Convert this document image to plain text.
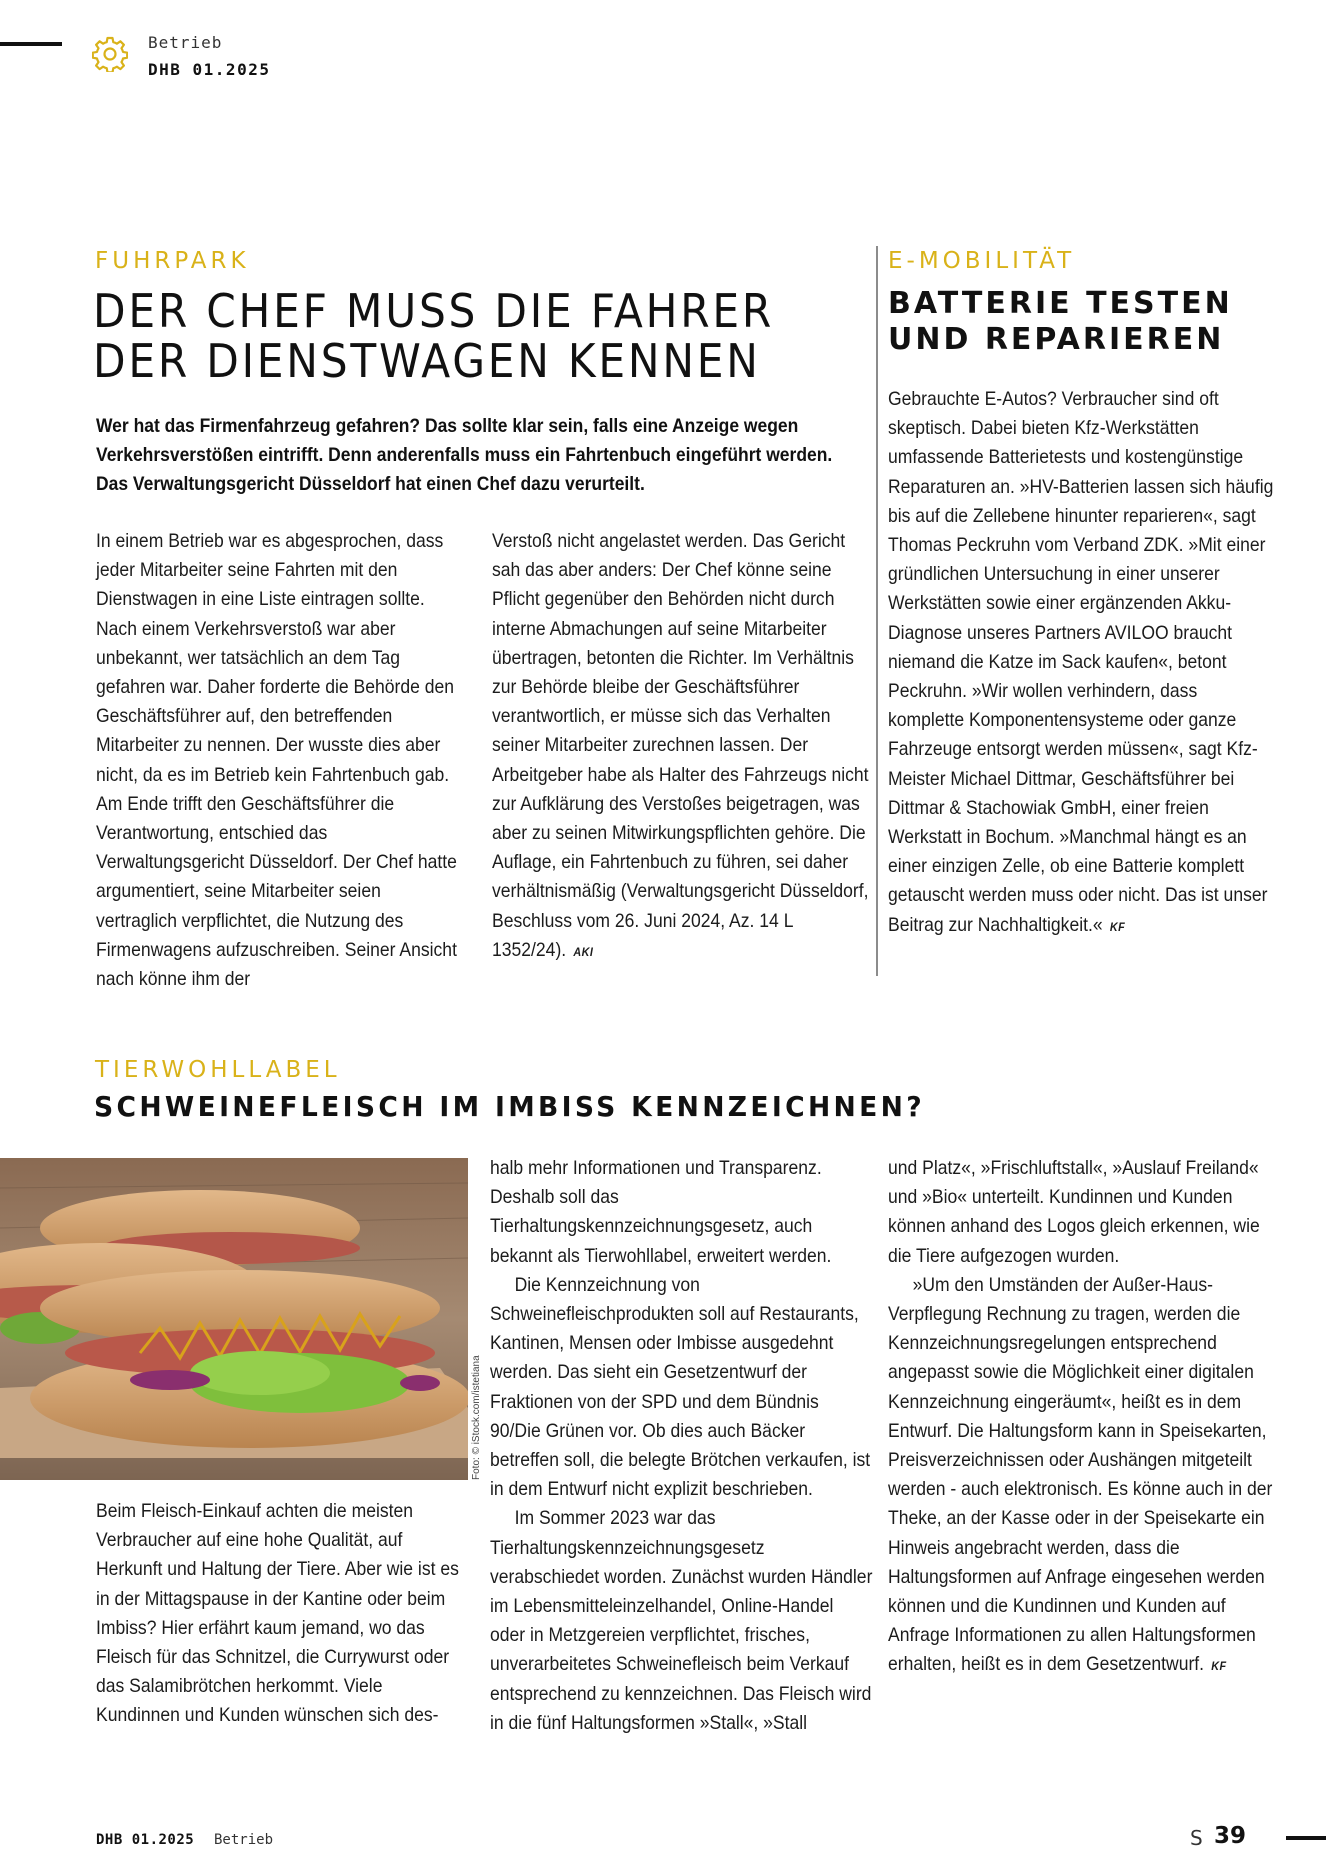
Betrieb
DHB 01.2025
FUHRPARK
DER CHEF MUSS DIE FAHRER
DER DIENSTWAGEN KENNEN
Wer hat das Firmenfahrzeug gefahren? Das sollte klar sein, falls eine Anzeige wegen Verkehrsverstößen eintrifft. Denn anderenfalls muss ein Fahrtenbuch eingeführt werden. Das Verwaltungsgericht Düsseldorf hat einen Chef dazu verurteilt.
In einem Betrieb war es abgesprochen, dass jeder Mitarbeiter seine Fahrten mit den Dienstwagen in eine Liste eintragen sollte. Nach einem Verkehrsverstoß war aber unbekannt, wer tatsächlich an dem Tag gefahren war. Daher forderte die Behörde den Geschäftsführer auf, den betreffenden Mitarbeiter zu nennen. Der wusste dies aber nicht, da es im Betrieb kein Fahrtenbuch gab. Am Ende trifft den Geschäftsführer die Verantwortung, entschied das Verwaltungsgericht Düsseldorf. Der Chef hatte argumentiert, seine Mitarbeiter seien vertraglich verpflichtet, die Nutzung des Firmenwagens aufzuschreiben. Seiner Ansicht nach könne ihm der
Verstoß nicht angelastet werden. Das Gericht sah das aber anders: Der Chef könne seine Pflicht gegenüber den Behörden nicht durch interne Abmachungen auf seine Mitarbeiter übertragen, betonten die Richter. Im Verhältnis zur Behörde bleibe der Geschäftsführer verantwortlich, er müsse sich das Verhalten seiner Mitarbeiter zurechnen lassen. Der Arbeitgeber habe als Halter des Fahrzeugs nicht zur Aufklärung des Verstoßes beigetragen, was aber zu seinen Mitwirkungspflichten gehöre. Die Auflage, ein Fahrtenbuch zu führen, sei daher verhältnismäßig (Verwaltungsgericht Düsseldorf, Beschluss vom 26. Juni 2024, Az. 14 L 1352/24). AKI
E-MOBILITÄT
BATTERIE TESTEN
UND REPARIEREN
Gebrauchte E-Autos? Verbraucher sind oft skeptisch. Dabei bieten Kfz-Werkstätten umfassende Batterietests und kostengünstige Reparaturen an. »HV-Batterien lassen sich häufig bis auf die Zellebene hinunter reparieren«, sagt Thomas Peckruhn vom Verband ZDK. »Mit einer gründlichen Untersuchung in einer unserer Werkstätten sowie einer ergänzenden Akku-Diagnose unseres Partners AVILOO braucht niemand die Katze im Sack kaufen«, betont Peckruhn. »Wir wollen verhindern, dass komplette Komponentensysteme oder ganze Fahrzeuge entsorgt werden müssen«, sagt Kfz-Meister Michael Dittmar, Geschäftsführer bei Dittmar & Stachowiak GmbH, einer freien Werkstatt in Bochum. »Manchmal hängt es an einer einzigen Zelle, ob eine Batterie komplett getauscht werden muss oder nicht. Das ist unser Beitrag zur Nachhaltigkeit.« KF
TIERWOHLLABEL
SCHWEINEFLEISCH IM IMBISS KENNZEICHNEN?
Foto: © iStock.com/istetiana
Beim Fleisch-Einkauf achten die meisten Verbraucher auf eine hohe Qualität, auf Herkunft und Haltung der Tiere. Aber wie ist es in der Mittagspause in der Kantine oder beim Imbiss? Hier erfährt kaum jemand, wo das Fleisch für das Schnitzel, die Currywurst oder das Salamibrötchen herkommt. Viele Kundinnen und Kunden wünschen sich des-

halb mehr Informationen und Transparenz. Deshalb soll das Tierhaltungskennzeichnungsgesetz, auch bekannt als Tierwohllabel, erweitert werden.

Die Kennzeichnung von Schweinefleischprodukten soll auf Restaurants, Kantinen, Mensen oder Imbisse ausgedehnt werden. Das sieht ein Gesetzentwurf der Fraktionen von der SPD und dem Bündnis 90/Die Grünen vor. Ob dies auch Bäcker betreffen soll, die belegte Brötchen verkaufen, ist in dem Entwurf nicht explizit beschrieben.

Im Sommer 2023 war das Tierhaltungskennzeichnungsgesetz verabschiedet worden. Zunächst wurden Händler im Lebensmitteleinzelhandel, Online-Handel oder in Metzgereien verpflichtet, frisches, unverarbeitetes Schweinefleisch beim Verkauf entsprechend zu kennzeichnen. Das Fleisch wird in die fünf Haltungsformen »Stall«, »Stall

und Platz«, »Frischluftstall«, »Auslauf Freiland« und »Bio« unterteilt. Kundinnen und Kunden können anhand des Logos gleich erkennen, wie die Tiere aufgezogen wurden.

»Um den Umständen der Außer-Haus-Verpflegung Rechnung zu tragen, werden die Kennzeichnungsregelungen entsprechend angepasst sowie die Möglichkeit einer digitalen Kennzeichnung eingeräumt«, heißt es in dem Entwurf. Die Haltungsform kann in Speisekarten, Preisverzeichnissen oder Aushängen mitgeteilt werden - auch elektronisch. Es könne auch in der Theke, an der Kasse oder in der Speisekarte ein Hinweis angebracht werden, dass die Haltungsformen auf Anfrage eingesehen werden können und die Kundinnen und Kunden auf Anfrage Informationen zu allen Haltungsformen erhalten, heißt es in dem Gesetzentwurf. KF

DHB 01.2025 Betrieb	S 39
